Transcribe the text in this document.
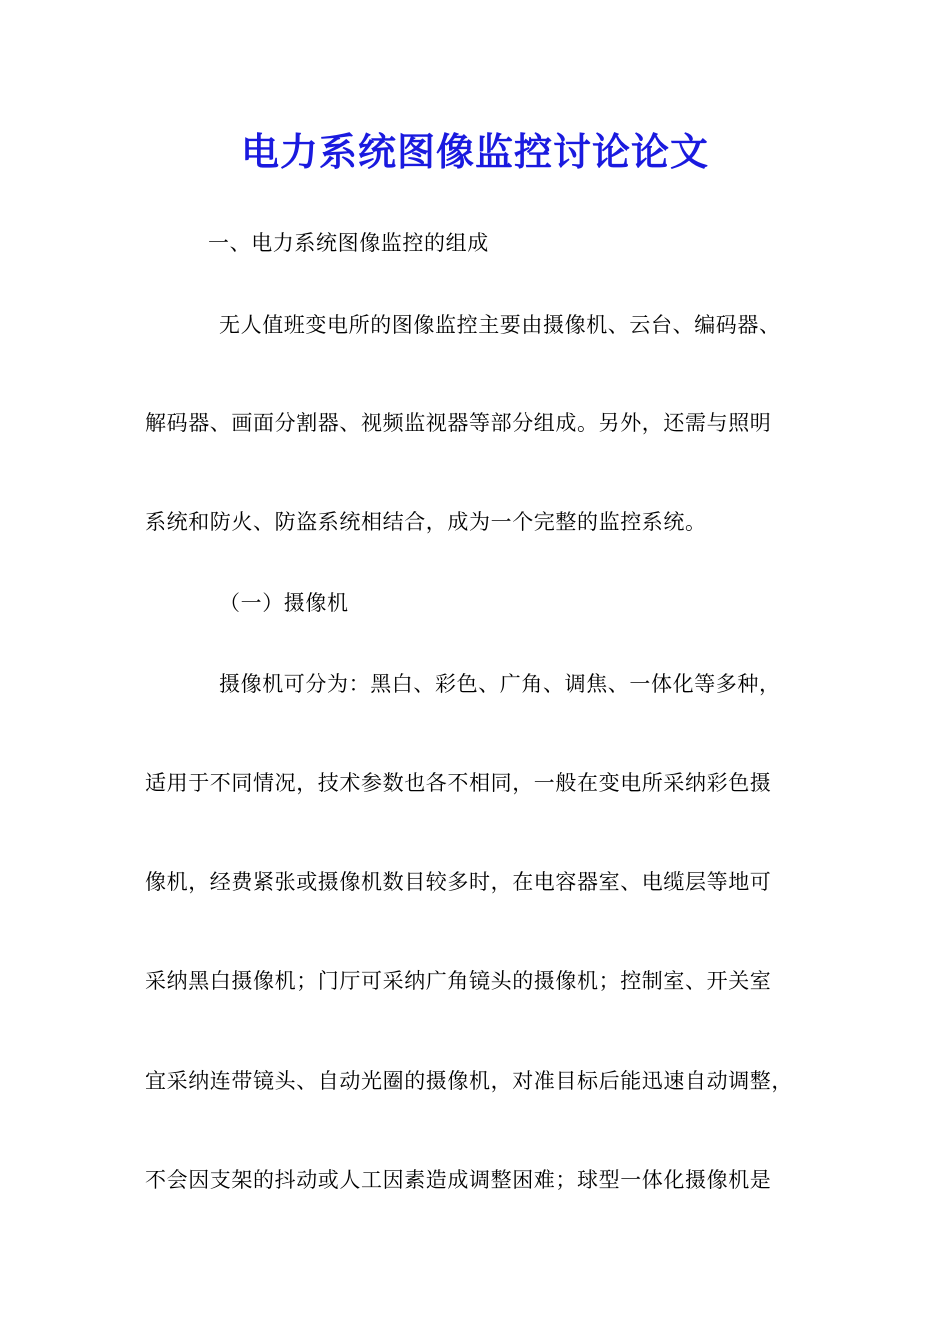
电力系统图像监控讨论论文
一、电力系统图像监控的组成
无人值班变电所的图像监控主要由摄像机、云台、编码器、
解码器、画面分割器、视频监视器等部分组成。另外，还需与照明
系统和防火、防盗系统相结合，成为一个完整的监控系统。
（一）摄像机
摄像机可分为：黑白、彩色、广角、调焦、一体化等多种，
适用于不同情况，技术参数也各不相同，一般在变电所采纳彩色摄
像机，经费紧张或摄像机数目较多时，在电容器室、电缆层等地可
采纳黑白摄像机；门厅可采纳广角镜头的摄像机；控制室、开关室
宜采纳连带镜头、自动光圈的摄像机，对准目标后能迅速自动调整，
不会因支架的抖动或人工因素造成调整困难；球型一体化摄像机是
